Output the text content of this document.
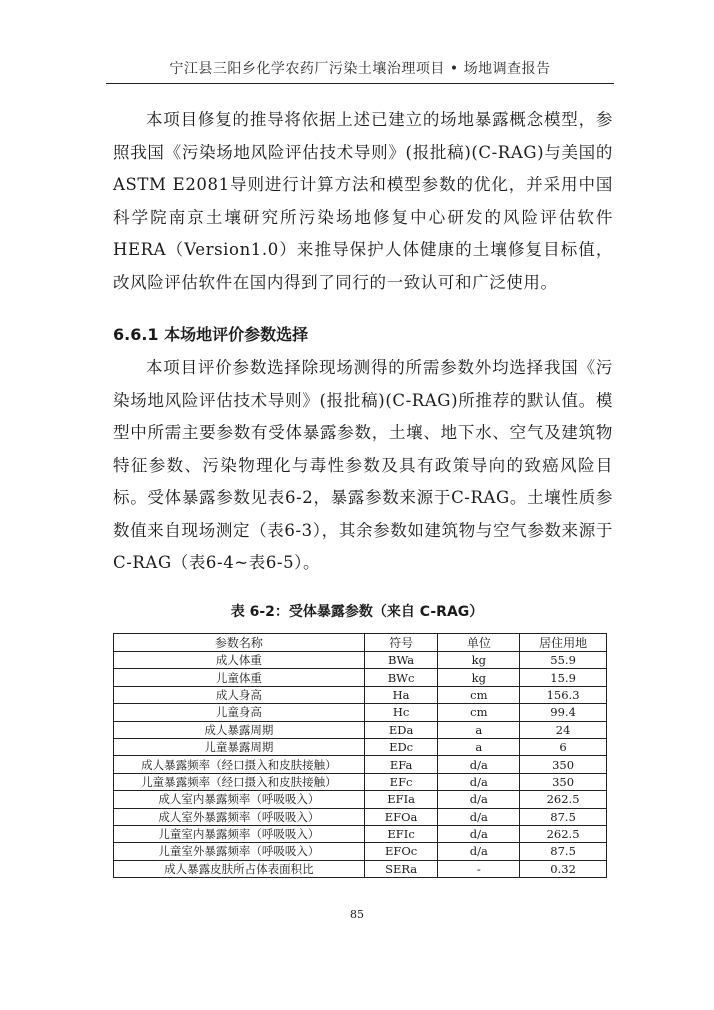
宁江县三阳乡化学农药厂污染土壤治理项目 • 场地调查报告

本项目修复的推导将依据上述已建立的场地暴露概念模型，参照我国《污染场地风险评估技术导则》(报批稿)(C-RAG)与美国的ASTM E2081导则进行计算方法和模型参数的优化，并采用中国科学院南京土壤研究所污染场地修复中心研发的风险评估软件HERA（Version1.0）来推导保护人体健康的土壤修复目标值，改风险评估软件在国内得到了同行的一致认可和广泛使用。

6.6.1 本场地评价参数选择

本项目评价参数选择除现场测得的所需参数外均选择我国《污染场地风险评估技术导则》(报批稿)(C-RAG)所推荐的默认值。模型中所需主要参数有受体暴露参数，土壤、地下水、空气及建筑物特征参数、污染物理化与毒性参数及具有政策导向的致癌风险目标。受体暴露参数见表6-2，暴露参数来源于C-RAG。土壤性质参数值来自现场测定（表6-3），其余参数如建筑物与空气参数来源于C-RAG（表6-4~表6-5）。

表 6-2：受体暴露参数（来自 C-RAG）

参数名称	符号	单位	居住用地
成人体重	BWa	kg	55.9
儿童体重	BWc	kg	15.9
成人身高	Ha	cm	156.3
儿童身高	Hc	cm	99.4
成人暴露周期	EDa	a	24
儿童暴露周期	EDc	a	6
成人暴露频率（经口摄入和皮肤接触）	EFa	d/a	350
儿童暴露频率（经口摄入和皮肤接触）	EFc	d/a	350
成人室内暴露频率（呼吸吸入）	EFIa	d/a	262.5
成人室外暴露频率（呼吸吸入）	EFOa	d/a	87.5
儿童室内暴露频率（呼吸吸入）	EFIc	d/a	262.5
儿童室外暴露频率（呼吸吸入）	EFOc	d/a	87.5
成人暴露皮肤所占体表面积比	SERa	-	0.32
85
